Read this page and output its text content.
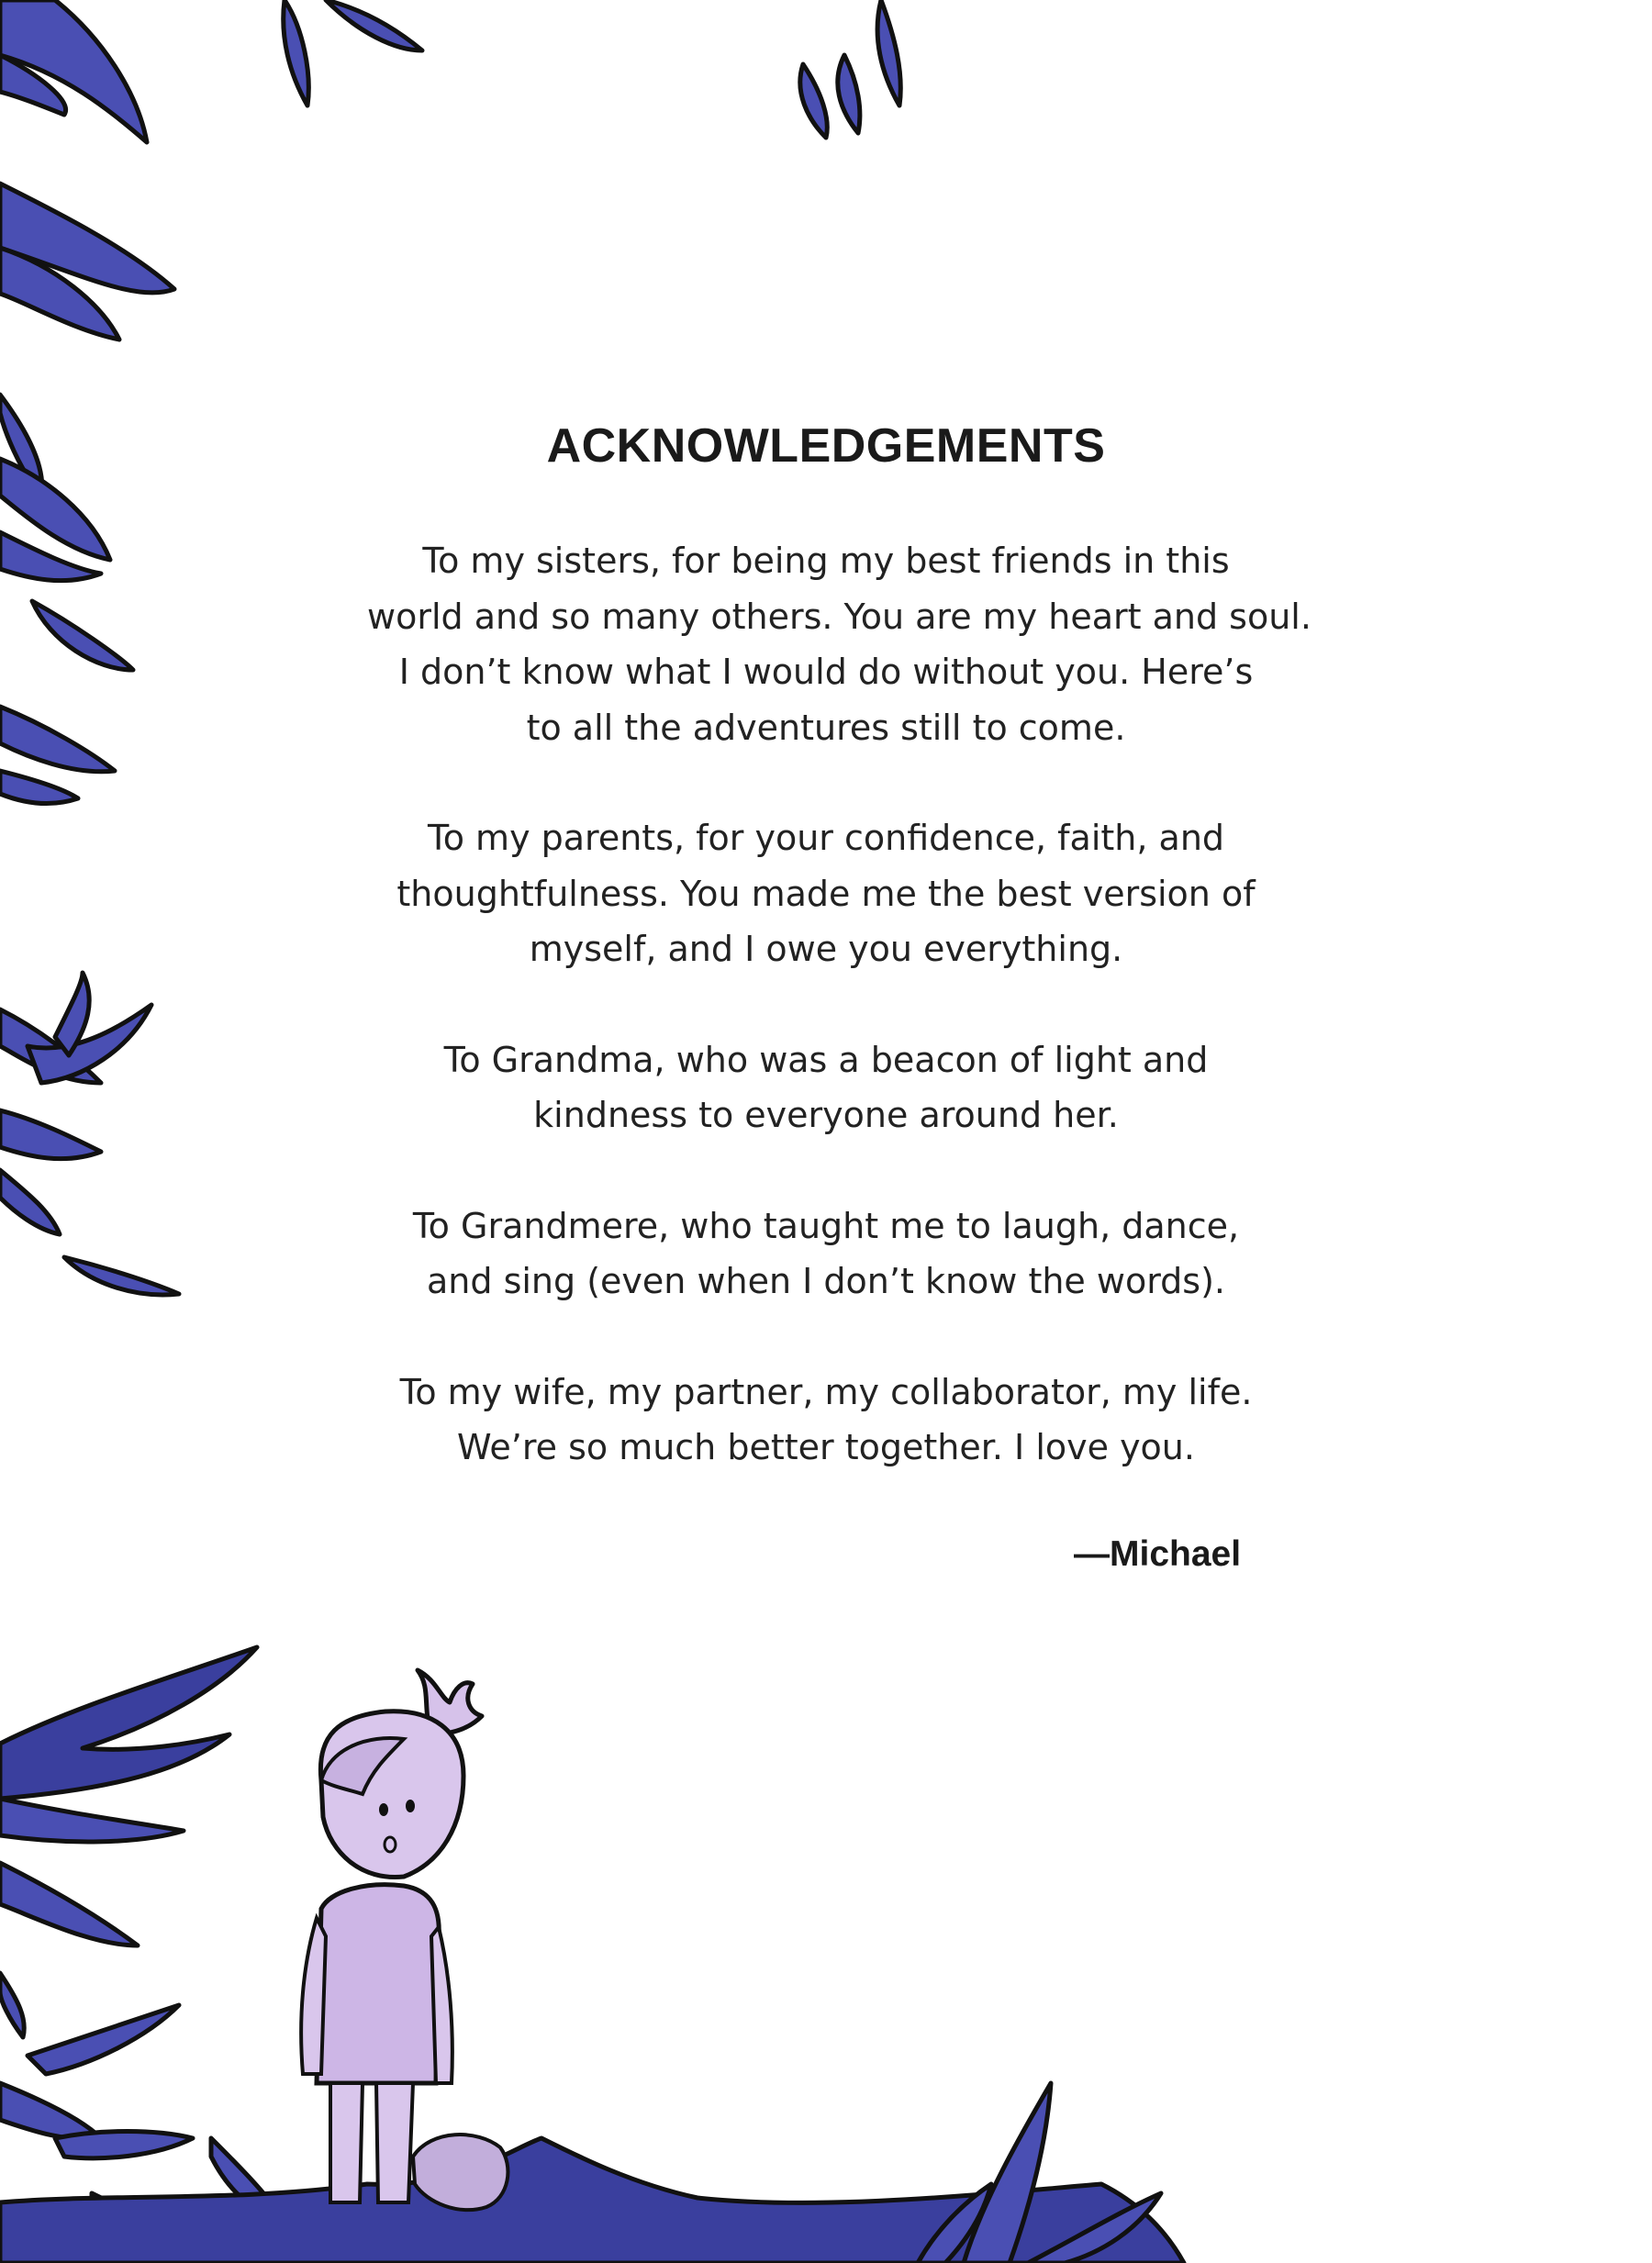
ACKNOWLEDGEMENTS

To my sisters, for being my best friends in this
world and so many others. You are my heart and soul.
I don’t know what I would do without you. Here’s
to all the adventures still to come.

To my parents, for your confidence, faith, and
thoughtfulness. You made me the best version of
myself, and I owe you everything.

To Grandma, who was a beacon of light and
kindness to everyone around her.

To Grandmere, who taught me to laugh, dance,
and sing (even when I don’t know the words).

To my wife, my partner, my collaborator, my life.
We’re so much better together. I love you.

—Michael
